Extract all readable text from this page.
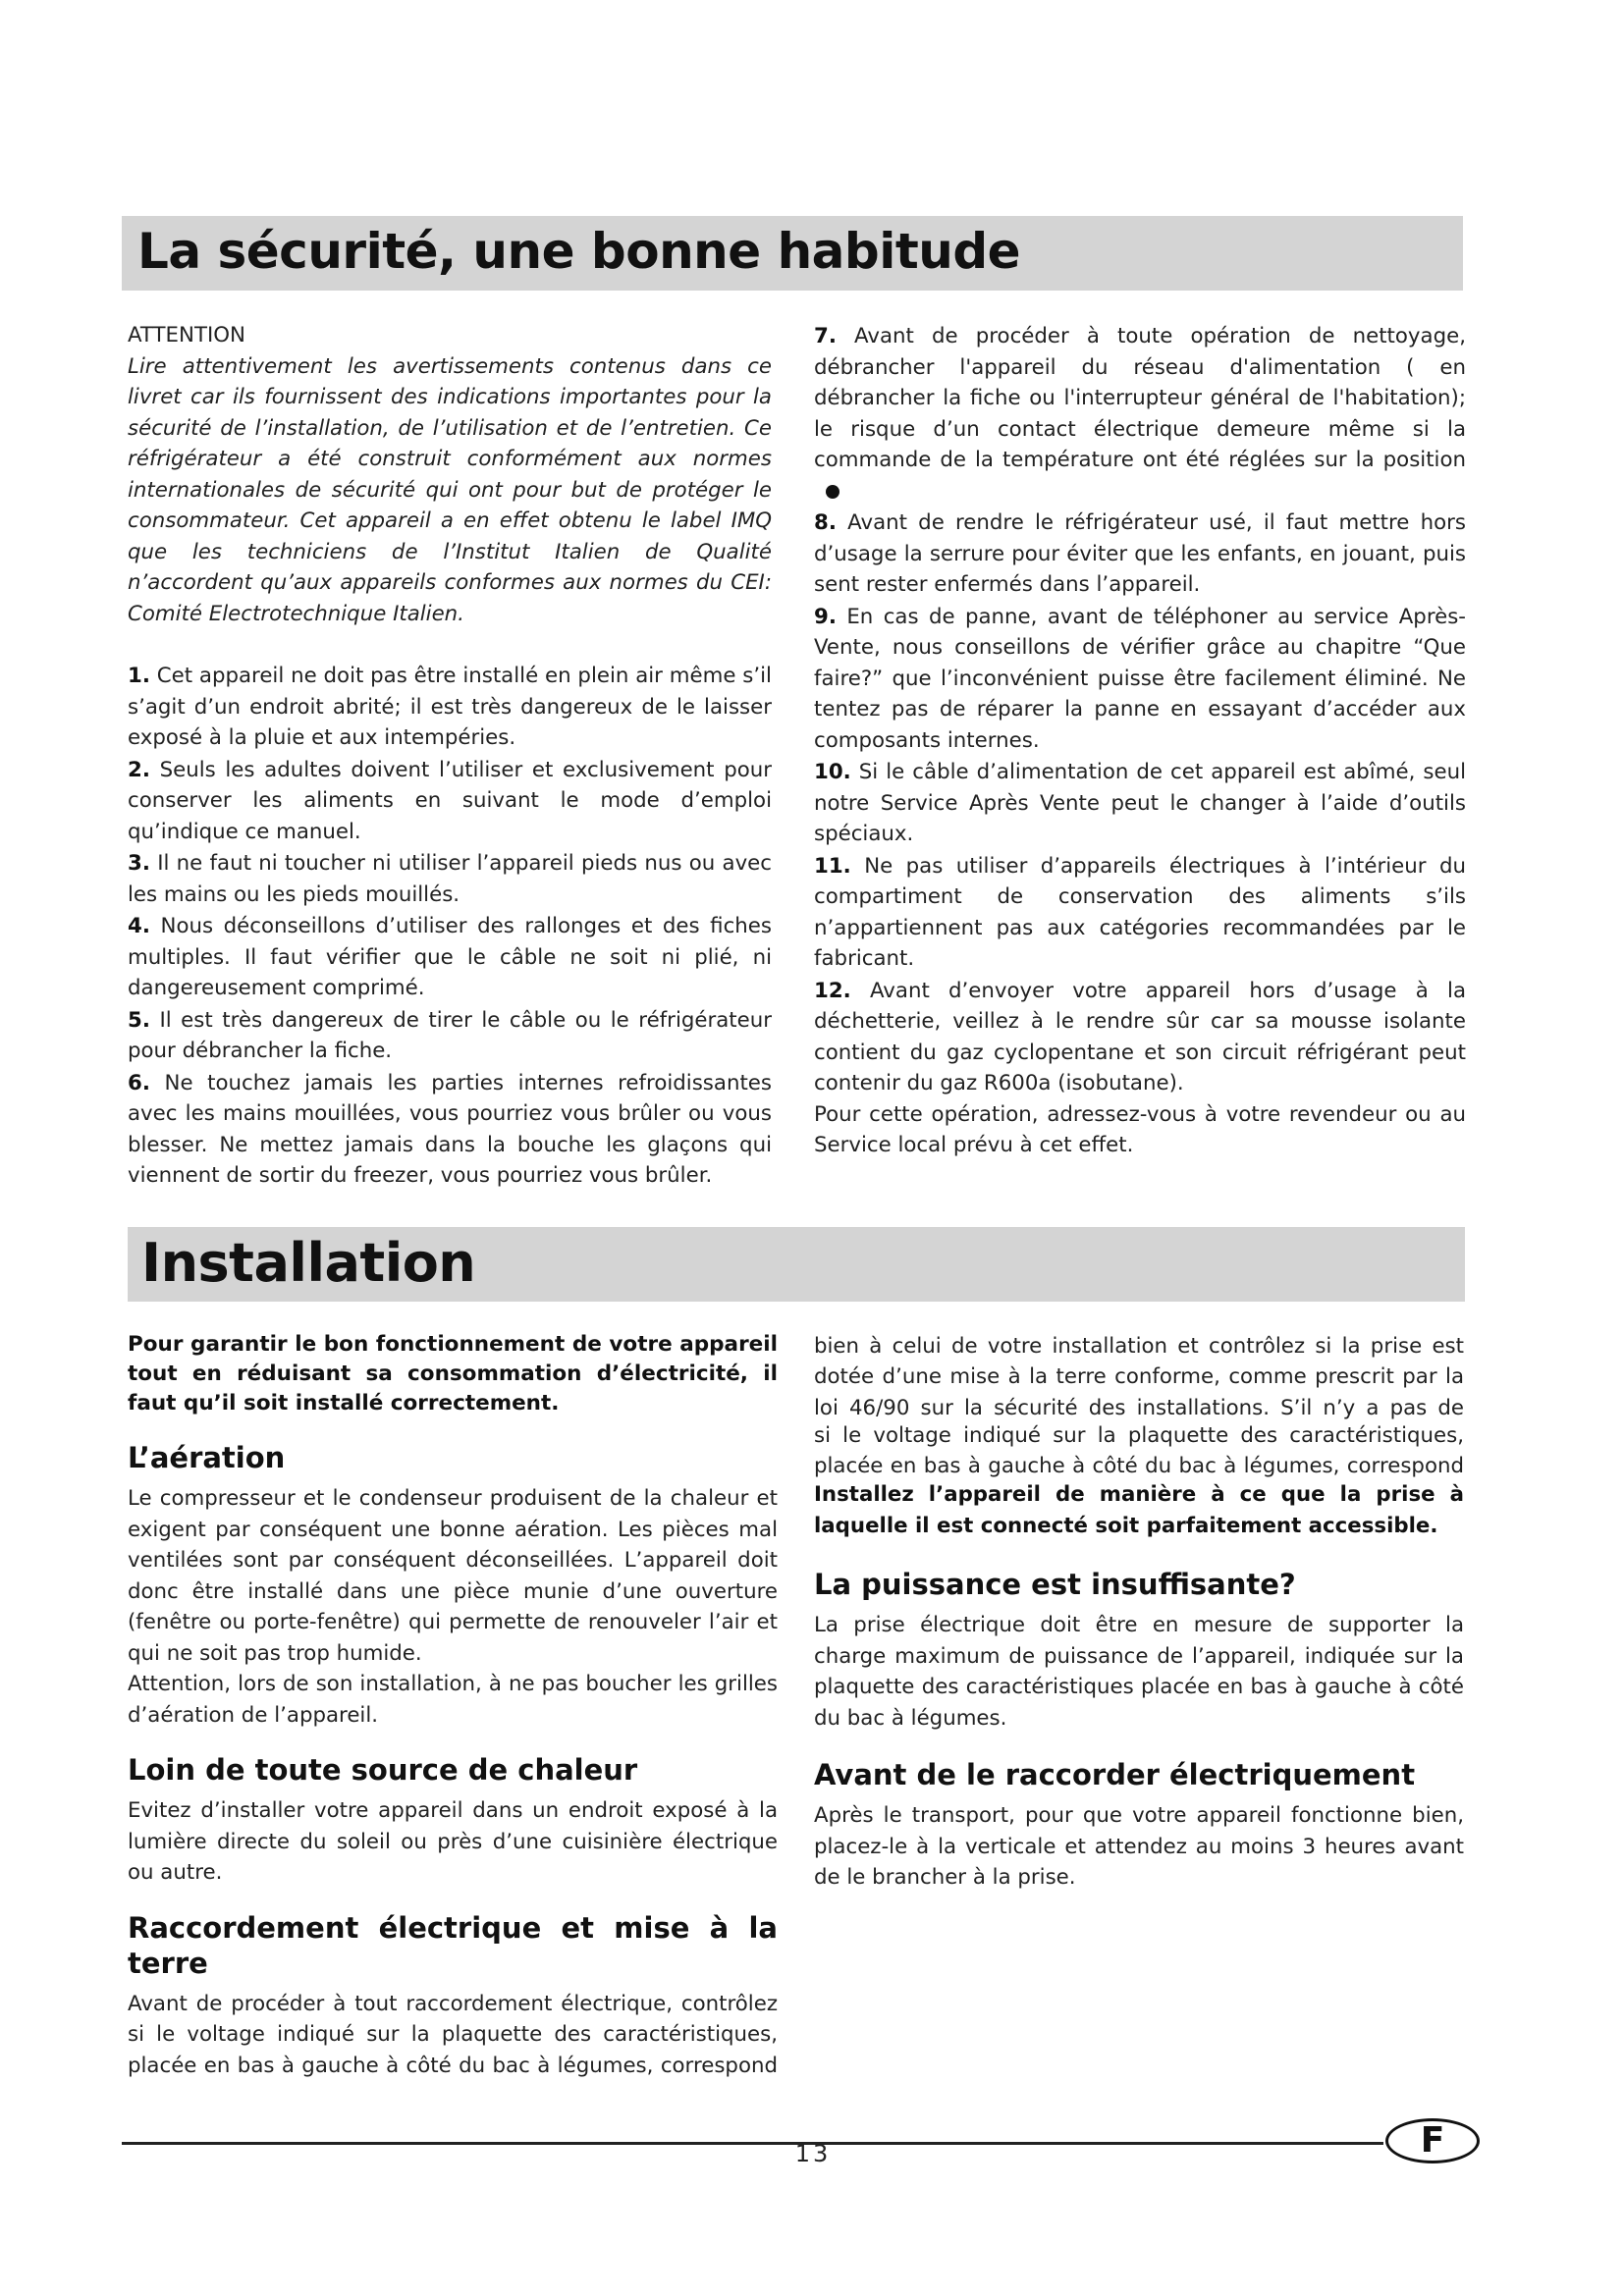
La sécurité, une bonne habitude

ATTENTION

Lire attentivement les avertissements contenus dans ce livret car ils fournissent des indications importantes pour la sécurité de l’installation, de l’utilisation et de l’entretien. Ce réfrigérateur a été construit conformément aux normes internationales de sécurité qui ont pour but de protéger le consommateur. Cet appareil a en effet obtenu le label IMQ que les techniciens de l’Institut Italien de Qualité n’accordent qu’aux appareils conformes aux normes du CEI: Comité Electrotechnique Italien.

1. Cet appareil ne doit pas être installé en plein air même s’il s’agit d’un endroit abrité; il est très dangereux de le laisser exposé à la pluie et aux intempéries.
2. Seuls les adultes doivent l’utiliser et exclusivement pour conserver les aliments en suivant le mode d’emploi qu’indique ce manuel.
3. Il ne faut ni toucher ni utiliser l’appareil pieds nus ou avec les mains ou les pieds mouillés.
4. Nous déconseillons d’utiliser des rallonges et des fiches multiples. Il faut vérifier que le câble ne soit ni plié, ni dangereusement comprimé.
5. Il est très dangereux de tirer le câble ou le réfrigérateur pour débrancher la fiche.
6. Ne touchez jamais les parties internes refroidissantes avec les mains mouillées, vous pourriez vous brûler ou vous blesser. Ne mettez jamais dans la bouche les glaçons qui viennent de sortir du freezer, vous pourriez vous brûler.
7. Avant de procéder à toute opération de nettoyage, débrancher l'appareil du réseau d'alimentation ( en débrancher la fiche ou l'interrupteur général de l'habitation); le risque d’un contact électrique demeure même si la commande de la température ont été réglées sur la position
8. Avant de rendre le réfrigérateur usé, il faut mettre hors d’usage la serrure pour éviter que les enfants, en jouant, puis sent rester enfermés dans l’appareil.
9. En cas de panne, avant de téléphoner au service Après-Vente, nous conseillons de vérifier grâce au chapitre “Que faire?” que l’inconvénient puisse être facilement éliminé. Ne tentez pas de réparer la panne en essayant d’accéder aux composants internes.
10. Si le câble d’alimentation de cet appareil est abîmé, seul notre Service Après Vente peut le changer à l’aide d’outils spéciaux.
11. Ne pas utiliser d’appareils électriques à l’intérieur du compartiment de conservation des aliments s’ils n’appartiennent pas aux catégories recommandées par le fabricant.
12. Avant d’envoyer votre appareil hors d’usage à la déchetterie, veillez à le rendre sûr car sa mousse isolante contient du gaz cyclopentane et son circuit réfrigérant peut contenir du gaz R600a (isobutane).

Pour cette opération, adressez-vous à votre revendeur ou au Service local prévu à cet effet.

Installation

Pour garantir le bon fonctionnement de votre appareil tout en réduisant sa consommation d’électricité, il faut qu’il soit installé correctement.

L’aération

Le compresseur et le condenseur produisent de la chaleur et exigent par conséquent une bonne aération. Les pièces mal ventilées sont par conséquent déconseillées. L’appareil doit donc être installé dans une pièce munie d’une ouverture (fenêtre ou porte-fenêtre) qui permette de renouveler l’air et qui ne soit pas trop humide.

Attention, lors de son installation, à ne pas boucher les grilles d’aération de l’appareil.

Loin de toute source de chaleur

Evitez d’installer votre appareil dans un endroit exposé à la lumière directe du soleil ou près d’une cuisinière électrique ou autre.

Raccordement électrique et mise à la terre

Avant de procéder à tout raccordement électrique, contrôlez si le voltage indiqué sur la plaquette des caractéristiques, placée en bas à gauche à côté du bac à légumes, correspond

bien à celui de votre installation et contrôlez si la prise est dotée d’une mise à la terre conforme, comme prescrit par la loi 46/90 sur la sécurité des installations. S’il n’y a pas de

si le voltage indiqué sur la plaquette des caractéristiques, placée en bas à gauche à côté du bac à légumes, correspond

Installez l’appareil de manière à ce que la prise à laquelle il est connecté soit parfaitement accessible.

La puissance est insuffisante?

La prise électrique doit être en mesure de supporter la charge maximum de puissance de l’appareil, indiquée sur la plaquette des caractéristiques placée en bas à gauche à côté du bac à légumes.

Avant de le raccorder électriquement

Après le transport, pour que votre appareil fonctionne bien, placez-le à la verticale et attendez au moins 3 heures avant de le brancher à la prise.

13	F
